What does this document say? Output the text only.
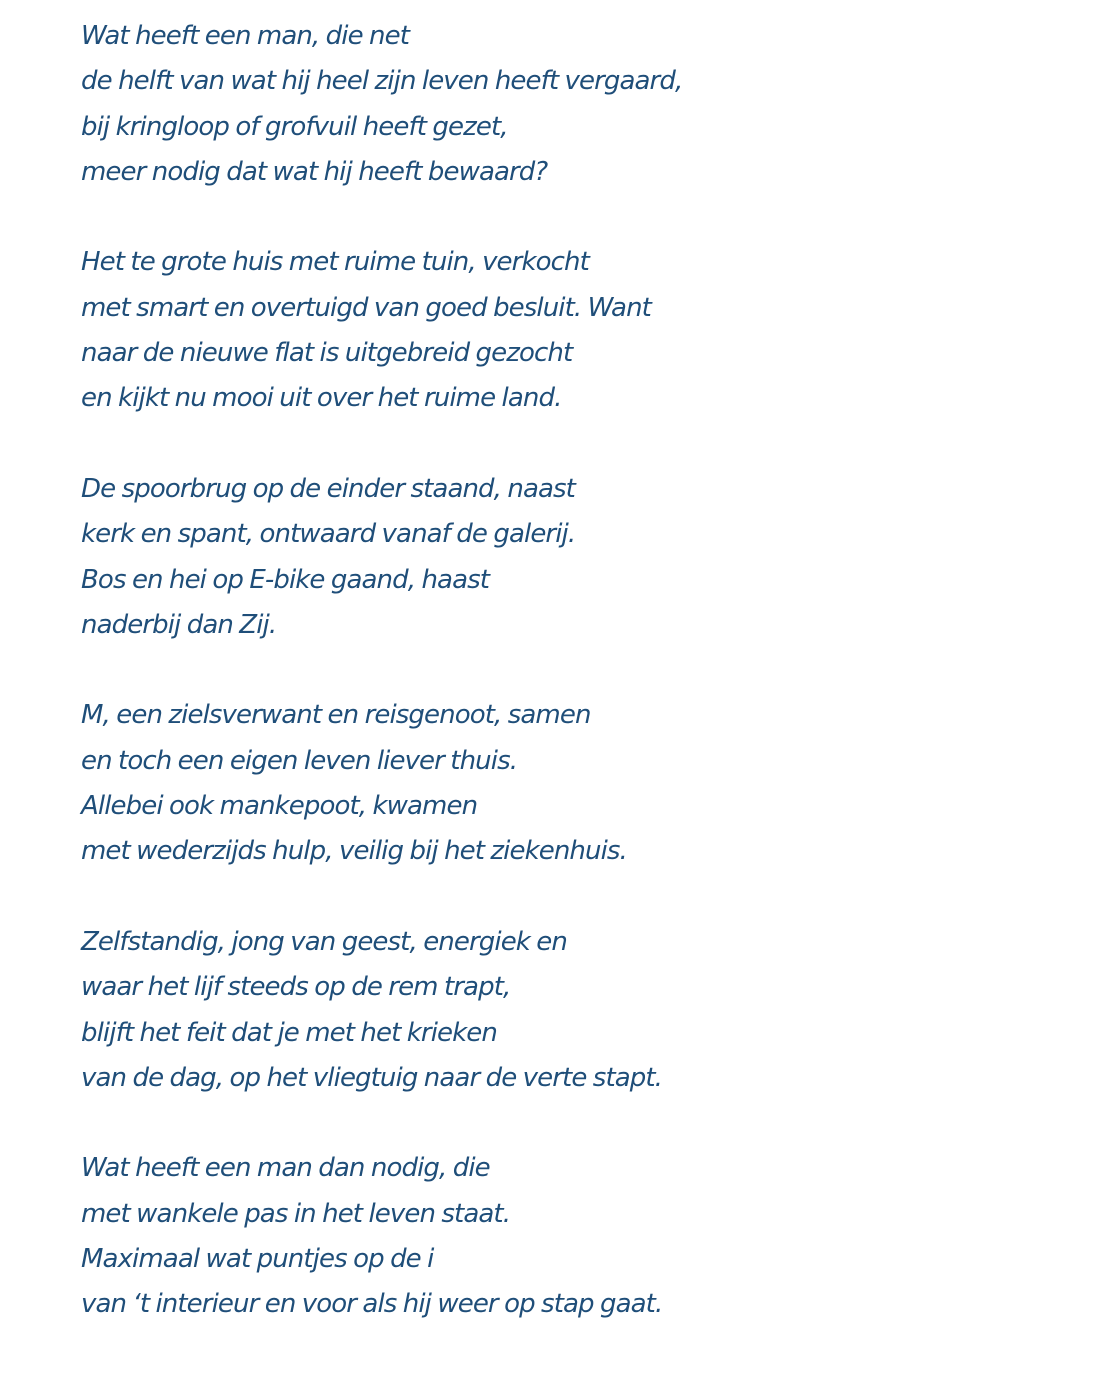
Wat heeft een man, die net
de helft van wat hij heel zijn leven heeft vergaard,
bij kringloop of grofvuil heeft gezet,
meer nodig dat wat hij heeft bewaard?
Het te grote huis met ruime tuin, verkocht
met smart en overtuigd van goed besluit. Want
naar de nieuwe flat is uitgebreid gezocht
en kijkt nu mooi uit over het ruime land.
De spoorbrug op de einder staand, naast
kerk en spant, ontwaard vanaf de galerij.
Bos en hei op E-bike gaand, haast
naderbij dan Zij.
M, een zielsverwant en reisgenoot, samen
en toch een eigen leven liever thuis.
Allebei ook mankepoot, kwamen
met wederzijds hulp, veilig bij het ziekenhuis.
Zelfstandig, jong van geest, energiek en
waar het lijf steeds op de rem trapt,
blijft het feit dat je met het krieken
van de dag, op het vliegtuig naar de verte stapt.
Wat heeft een man dan nodig, die
met wankele pas in het leven staat.
Maximaal wat puntjes op de i
van ‘t interieur en voor als hij weer op stap gaat.
